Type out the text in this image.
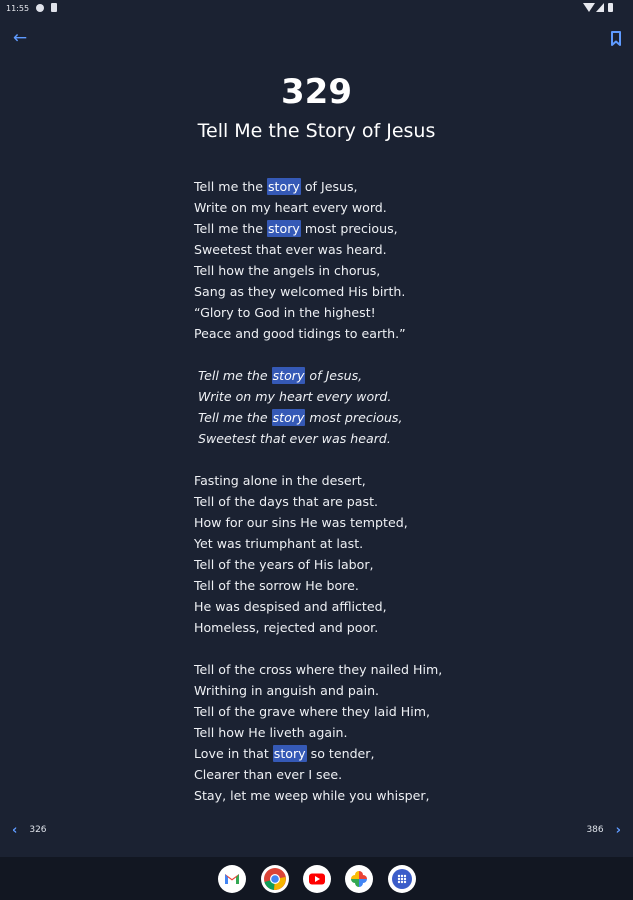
11:55
←
329
Tell Me the Story of Jesus
Tell me the story of Jesus,
Write on my heart every word.
Tell me the story most precious,
Sweetest that ever was heard.
Tell how the angels in chorus,
Sang as they welcomed His birth.
“Glory to God in the highest!
Peace and good tidings to earth.”
Tell me the story of Jesus,
Write on my heart every word.
Tell me the story most precious,
Sweetest that ever was heard.
Fasting alone in the desert,
Tell of the days that are past.
How for our sins He was tempted,
Yet was triumphant at last.
Tell of the years of His labor,
Tell of the sorrow He bore.
He was despised and afflicted,
Homeless, rejected and poor.
Tell of the cross where they nailed Him,
Writhing in anguish and pain.
Tell of the grave where they laid Him,
Tell how He liveth again.
Love in that story so tender,
Clearer than ever I see.
Stay, let me weep while you whisper,
‹ 326	386 ›
